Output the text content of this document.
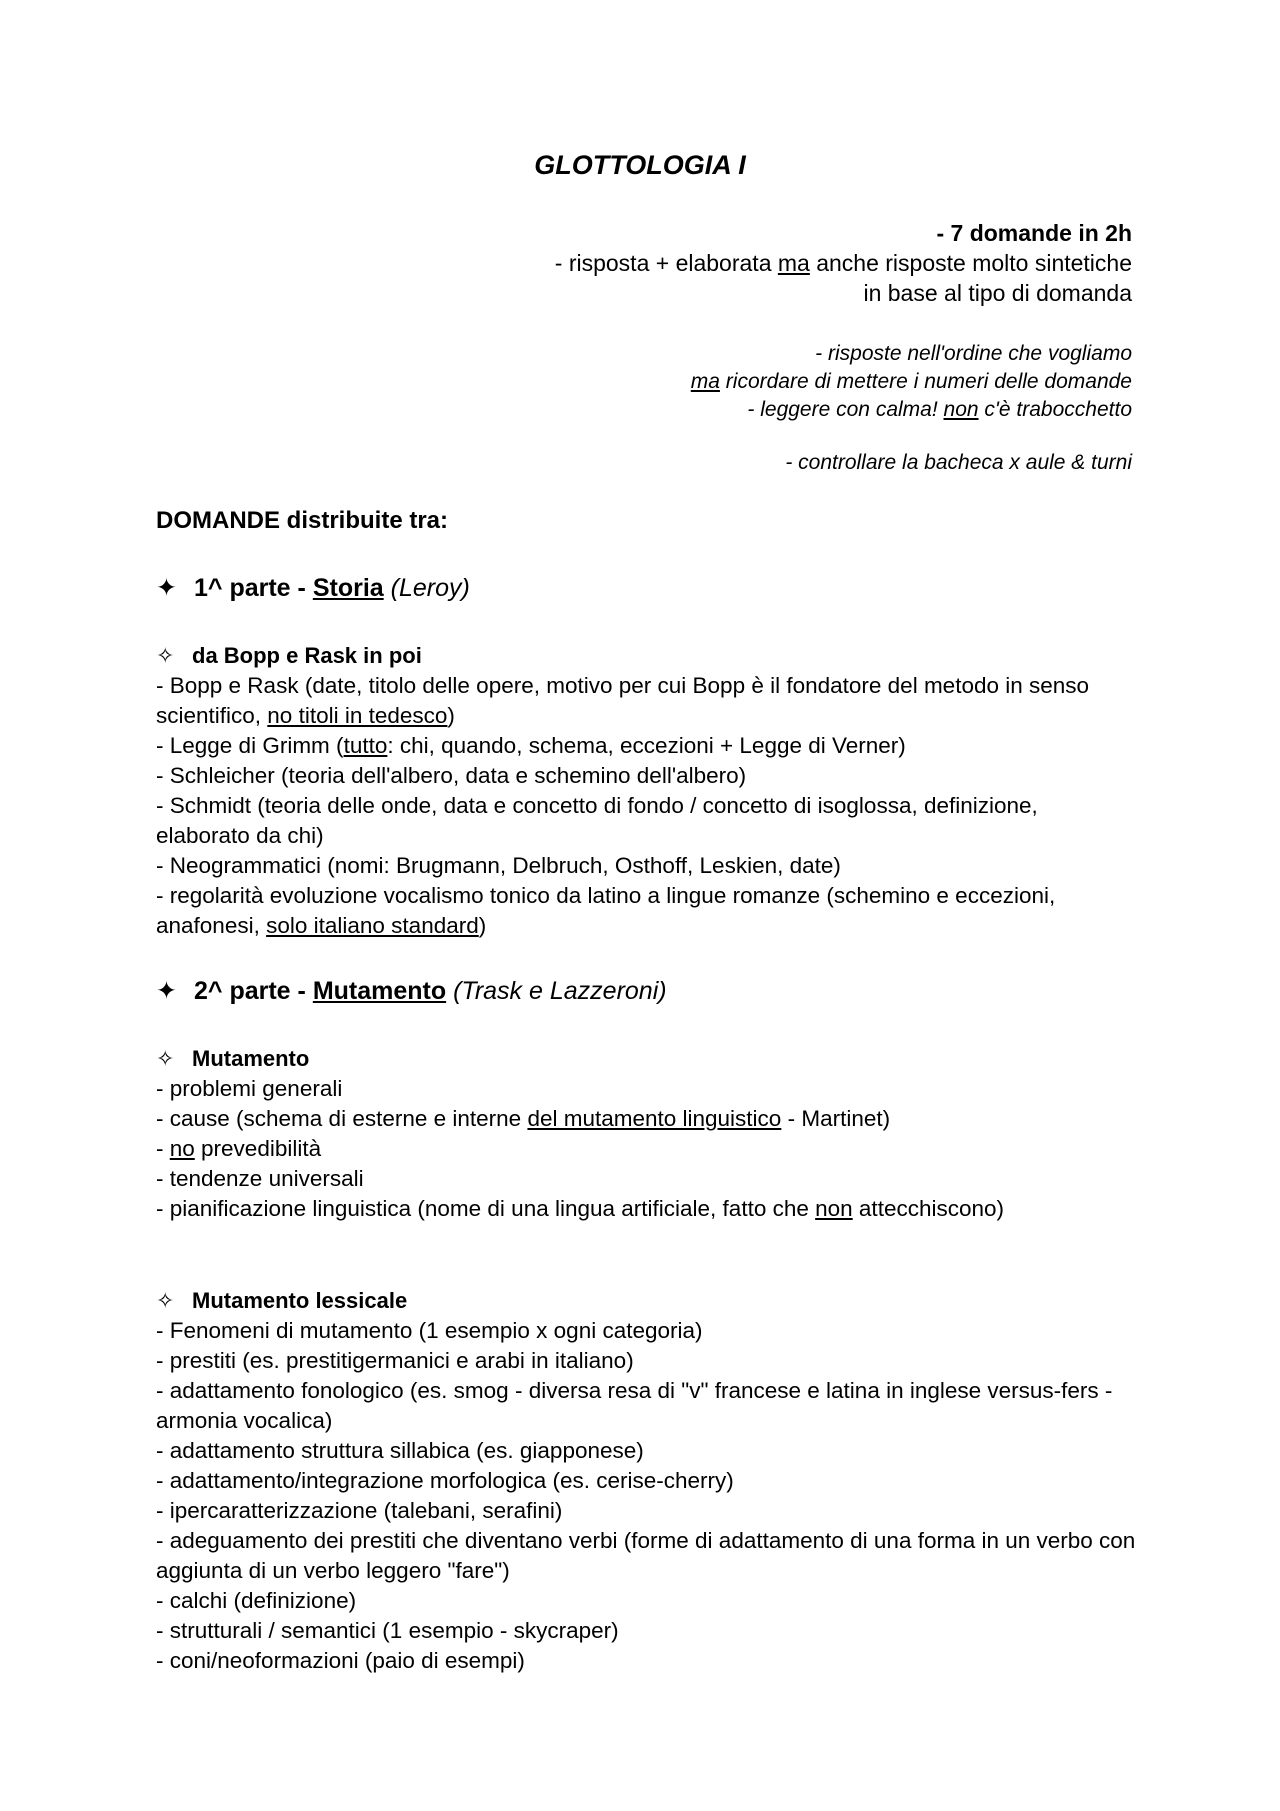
GLOTTOLOGIA I
- 7 domande in 2h
- risposta + elaborata ma anche risposte molto sintetiche
in base al tipo di domanda
- risposte nell'ordine che vogliamo
ma ricordare di mettere i numeri delle domande
- leggere con calma! non c'è trabocchetto
- controllare la bacheca x aule & turni
DOMANDE distribuite tra:
✦ 1^ parte - Storia (Leroy)
✧ da Bopp e Rask in poi
- Bopp e Rask (date, titolo delle opere, motivo per cui Bopp è il fondatore del metodo in senso scientifico, no titoli in tedesco)
- Legge di Grimm (tutto: chi, quando, schema, eccezioni + Legge di Verner)
- Schleicher (teoria dell'albero, data e schemino dell'albero)
- Schmidt (teoria delle onde, data e concetto di fondo / concetto di isoglossa, definizione, elaborato da chi)
- Neogrammatici (nomi: Brugmann, Delbruch, Osthoff, Leskien, date)
- regolarità evoluzione vocalismo tonico da latino a lingue romanze (schemino e eccezioni, anafonesi, solo italiano standard)
✦ 2^ parte - Mutamento (Trask e Lazzeroni)
✧ Mutamento
- problemi generali
- cause (schema di esterne e interne del mutamento linguistico - Martinet)
- no prevedibilità
- tendenze universali
- pianificazione linguistica (nome di una lingua artificiale, fatto che non attecchiscono)
✧ Mutamento lessicale
- Fenomeni di mutamento (1 esempio x ogni categoria)
- prestiti (es. prestitigermanici e arabi in italiano)
- adattamento fonologico (es. smog - diversa resa di "v" francese e latina in inglese versus-fers - armonia vocalica)
- adattamento struttura sillabica (es. giapponese)
- adattamento/integrazione morfologica (es. cerise-cherry)
- ipercaratterizzazione (talebani, serafini)
- adeguamento dei prestiti che diventano verbi (forme di adattamento di una forma in un verbo con aggiunta di un verbo leggero "fare")
- calchi (definizione)
- strutturali / semantici (1 esempio - skycraper)
- coni/neoformazioni (paio di esempi)
